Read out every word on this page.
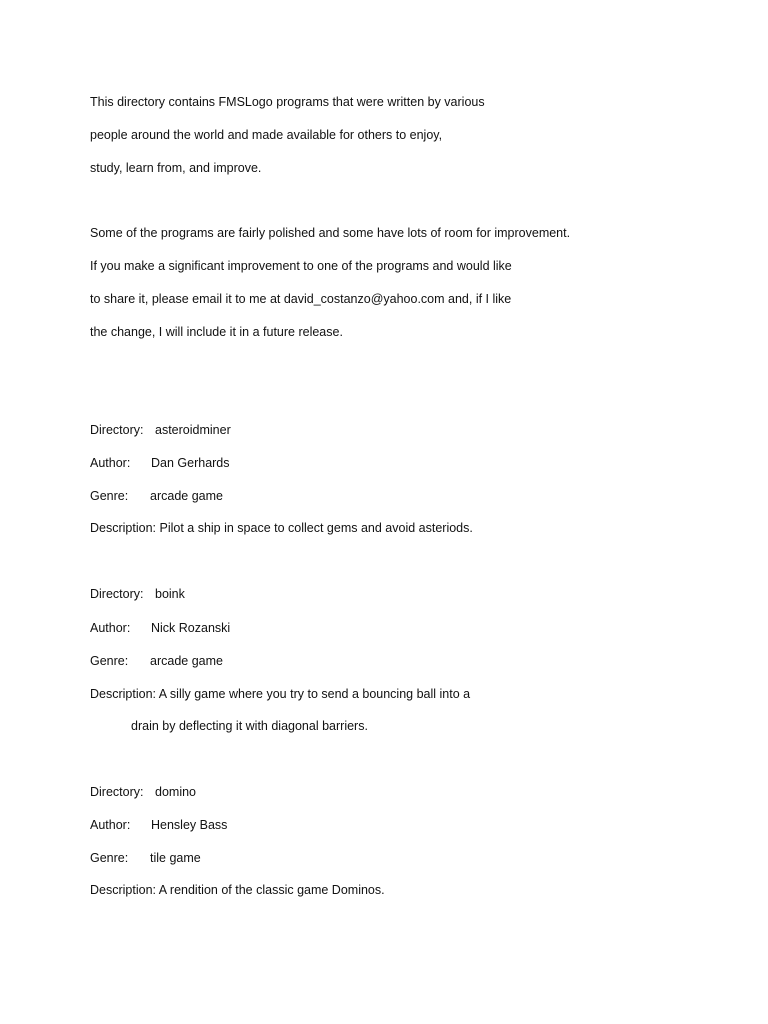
This directory contains FMSLogo programs that were written by various
people around the world and made available for others to enjoy,
study, learn from, and improve.
Some of the programs are fairly polished and some have lots of room for improvement.
If you make a significant improvement to one of the programs and would like
to share it, please email it to me at david_costanzo@yahoo.com and, if I like
the change, I will include it in a future release.
Directory: asteroidminer
Author: Dan Gerhards
Genre: arcade game
Description: Pilot a ship in space to collect gems and avoid asteriods.
Directory: boink
Author: Nick Rozanski
Genre: arcade game
Description: A silly game where you try to send a bouncing ball into a
drain by deflecting it with diagonal barriers.
Directory: domino
Author: Hensley Bass
Genre: tile game
Description: A rendition of the classic game Dominos.
